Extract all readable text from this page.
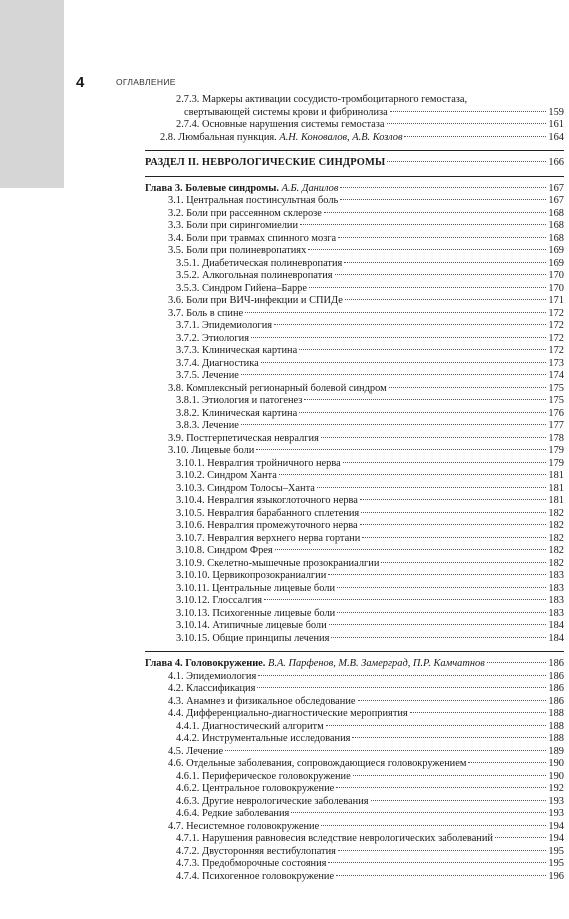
4	ОГЛАВЛЕНИЕ
2.7.3. Маркеры активации сосудисто-тромбоцитарного гемостаза,
свертывающей системы крови и фибринолиза	159
2.7.4. Основные нарушения системы гемостаза	161
2.8. Люмбальная пункция. А.Н. Коновалов, А.В. Козлов	164
РАЗДЕЛ II. НЕВРОЛОГИЧЕСКИЕ СИНДРОМЫ	166
Глава 3. Болевые синдромы. А.Б. Данилов	167
3.1. Центральная постинсультная боль	167
3.2. Боли при рассеянном склерозе	168
3.3. Боли при сирингомиелии	168
3.4. Боли при травмах спинного мозга	168
3.5. Боли при полиневропатиях	169
3.5.1. Диабетическая полиневропатия	169
3.5.2. Алкогольная полиневропатия	170
3.5.3. Синдром Гийена–Барре	170
3.6. Боли при ВИЧ-инфекции и СПИДе	171
3.7. Боль в спине	172
3.7.1. Эпидемиология	172
3.7.2. Этиология	172
3.7.3. Клиническая картина	172
3.7.4. Диагностика	173
3.7.5. Лечение	174
3.8. Комплексный регионарный болевой синдром	175
3.8.1. Этиология и патогенез	175
3.8.2. Клиническая картина	176
3.8.3. Лечение	177
3.9. Постгерпетическая невралгия	178
3.10. Лицевые боли	179
3.10.1. Невралгия тройничного нерва	179
3.10.2. Синдром Ханта	181
3.10.3. Синдром Толосы–Ханта	181
3.10.4. Невралгия языкоглоточного нерва	181
3.10.5. Невралгия барабанного сплетения	182
3.10.6. Невралгия промежуточного нерва	182
3.10.7. Невралгия верхнего нерва гортани	182
3.10.8. Синдром Фрея	182
3.10.9. Скелетно-мышечные прозокраниалгии	182
3.10.10. Цервикопрозокраниалгии	183
3.10.11. Центральные лицевые боли	183
3.10.12. Глоссалгия	183
3.10.13. Психогенные лицевые боли	183
3.10.14. Атипичные лицевые боли	184
3.10.15. Общие принципы лечения	184
Глава 4. Головокружение. В.А. Парфенов, М.В. Замерград, П.Р. Камчатнов	186
4.1. Эпидемиология	186
4.2. Классификация	186
4.3. Анамнез и физикальное обследование	186
4.4. Дифференциально-диагностические мероприятия	188
4.4.1. Диагностический алгоритм	188
4.4.2. Инструментальные исследования	188
4.5. Лечение	189
4.6. Отдельные заболевания, сопровождающиеся головокружением	190
4.6.1. Периферическое головокружение	190
4.6.2. Центральное головокружение	192
4.6.3. Другие неврологические заболевания	193
4.6.4. Редкие заболевания	193
4.7. Несистемное головокружение	194
4.7.1. Нарушения равновесия вследствие неврологических заболеваний	194
4.7.2. Двусторонняя вестибулопатия	195
4.7.3. Предобморочные состояния	195
4.7.4. Психогенное головокружение	196
